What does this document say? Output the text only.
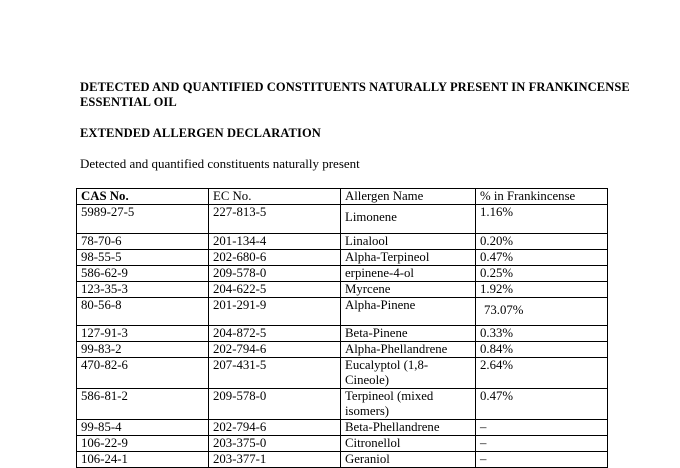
DETECTED AND QUANTIFIED CONSTITUENTS NATURALLY PRESENT IN FRANKINCENSE ESSENTIAL OIL
EXTENDED ALLERGEN DECLARATION

Detected and quantified constituents naturally present

CAS No.	EC No.	Allergen Name	% in Frankincense
5989-27-5	227-813-5	Limonene	1.16%
78-70-6	201-134-4	Linalool	0.20%
98-55-5	202-680-6	Alpha-Terpineol	0.47%
586-62-9	209-578-0	erpinene-4-ol	0.25%
123-35-3	204-622-5	Myrcene	1.92%
80-56-8	201-291-9	Alpha-Pinene	73.07%
127-91-3	204-872-5	Beta-Pinene	0.33%
99-83-2	202-794-6	Alpha-Phellandrene	0.84%
470-82-6	207-431-5	Eucalyptol (1,8-Cineole)	2.64%
586-81-2	209-578-0	Terpineol (mixed isomers)	0.47%
99-85-4	202-794-6	Beta-Phellandrene	–
106-22-9	203-375-0	Citronellol	–
106-24-1	203-377-1	Geraniol	–
